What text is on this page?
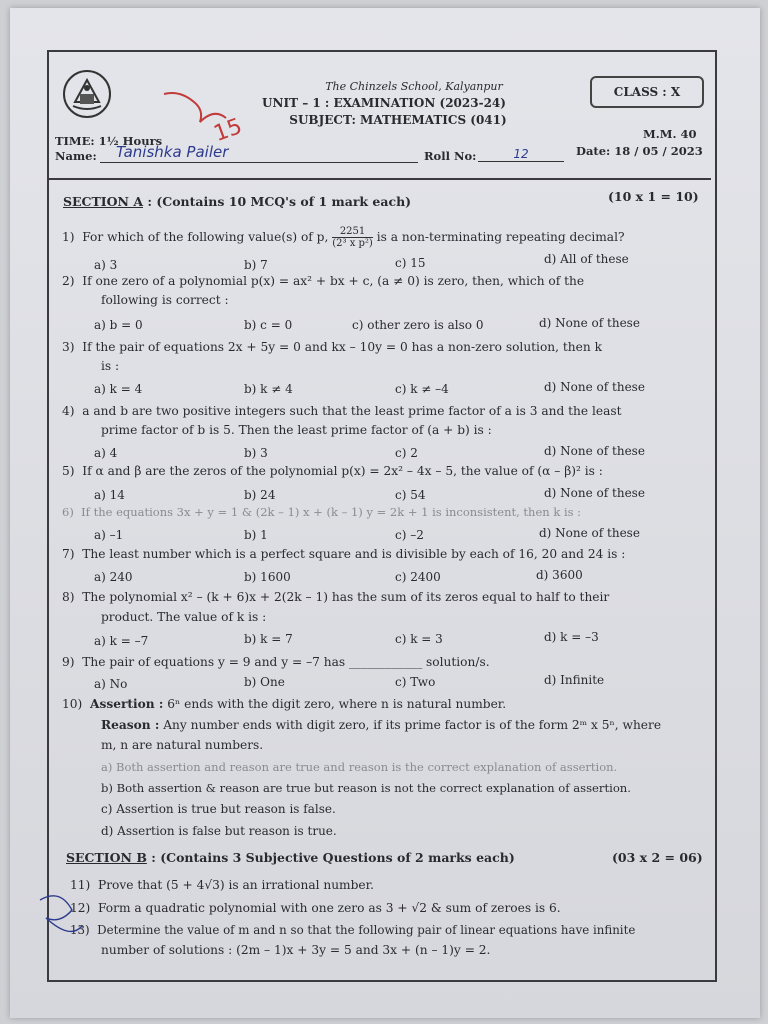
The Chinzels School, Kalyanpur
UNIT – 1 : EXAMINATION (2023-24)
SUBJECT: MATHEMATICS (041)
CLASS : X
TIME: 1½ Hours	M.M. 40
Name:	Tanishka Pailer	Roll No:	12	Date: 18 / 05 / 2023
SECTION A : (Contains 10 MCQ's of 1 mark each)	(10 x 1 = 10)
1) For which of the following value(s) of p, $\frac{2251}{\text{(2³ x p²)}}$ is a non-terminating repeating decimal?
a) 3	b) 7	c) 15	d) All of these
2) If one zero of a polynomial p(x) = ax² + bx + c, (a ≠ 0) is zero, then, which of the
following is correct :
a) b = 0	b) c = 0	c) other zero is also 0	d) None of these
3) If the pair of equations 2x + 5y = 0 and kx – 10y = 0 has a non-zero solution, then k
is :
a) k = 4	b) k ≠ 4	c) k ≠ –4	d) None of these
4) a and b are two positive integers such that the least prime factor of a is 3 and the least
prime factor of b is 5. Then the least prime factor of (a + b) is :
a) 4	b) 3	c) 2	d) None of these
5) If α and β are the zeros of the polynomial p(x) = 2x² – 4x – 5, the value of (α – β)² is :
a) 14	b) 24	c) 54	d) None of these
6) If the equations 3x + y = 1 & (2k – 1) x + (k – 1) y = 2k + 1 is inconsistent, then k is :
a) –1	b) 1	c) –2	d) None of these
7) The least number which is a perfect square and is divisible by each of 16, 20 and 24 is :
a) 240	b) 1600	c) 2400	d) 3600
8) The polynomial x² – (k + 6)x + 2(2k – 1) has the sum of its zeros equal to half to their
product. The value of k is :
a) k = –7	b) k = 7	c) k = 3	d) k = –3
9) The pair of equations y = 9 and y = –7 has ____________ solution/s.
a) No	b) One	c) Two	d) Infinite
10) Assertion : 6ⁿ ends with the digit zero, where n is natural number.
Reason : Any number ends with digit zero, if its prime factor is of the form 2ᵐ x 5ⁿ, where
m, n are natural numbers.
a) Both assertion and reason are true and reason is the correct explanation of assertion.
b) Both assertion & reason are true but reason is not the correct explanation of assertion.
c) Assertion is true but reason is false.
d) Assertion is false but reason is true.
SECTION B : (Contains 3 Subjective Questions of 2 marks each)	(03 x 2 = 06)
11) Prove that (5 + 4√3) is an irrational number.
12) Form a quadratic polynomial with one zero as 3 + √2 & sum of zeroes is 6.
13) Determine the value of m and n so that the following pair of linear equations have infinite
number of solutions : (2m – 1)x + 3y = 5 and 3x + (n – 1)y = 2.
15
